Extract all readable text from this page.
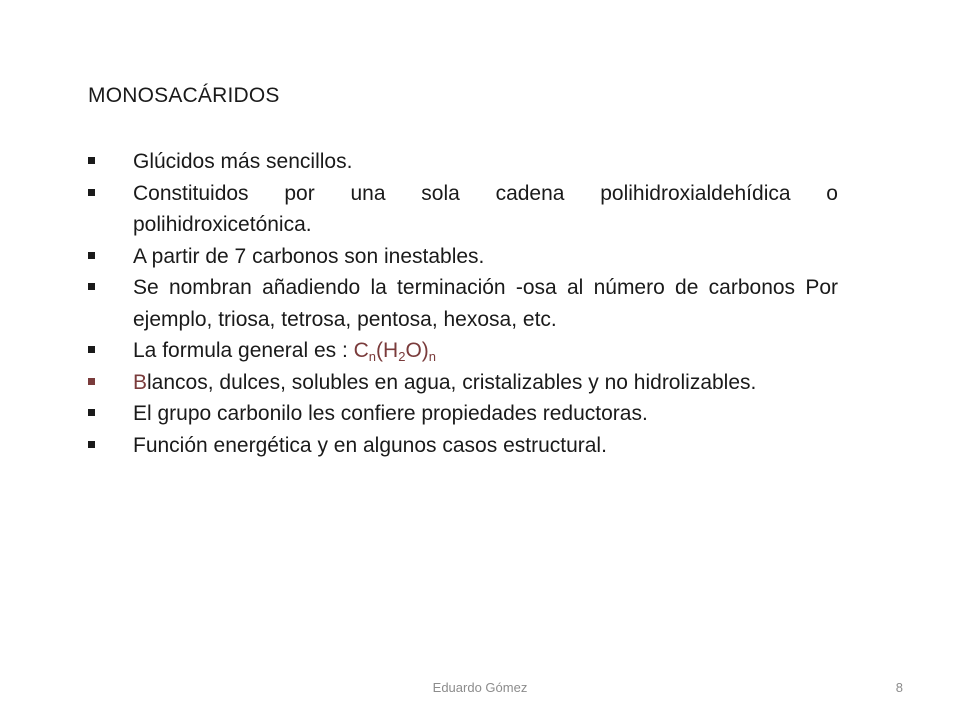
MONOSACÁRIDOS
Glúcidos más sencillos.
Constituidos por una sola cadena polihidroxialdehídica o polihidroxicetónica.
A partir de 7 carbonos son inestables.
Se nombran añadiendo la terminación -osa al número de carbonos Por ejemplo, triosa, tetrosa, pentosa, hexosa, etc.
La formula general es : $C_n(H_2O)_n$
Blancos, dulces, solubles en agua, cristalizables y no hidrolizables.
El grupo carbonilo les confiere propiedades reductoras.
Función energética y en algunos casos estructural.
Eduardo Gómez	8
